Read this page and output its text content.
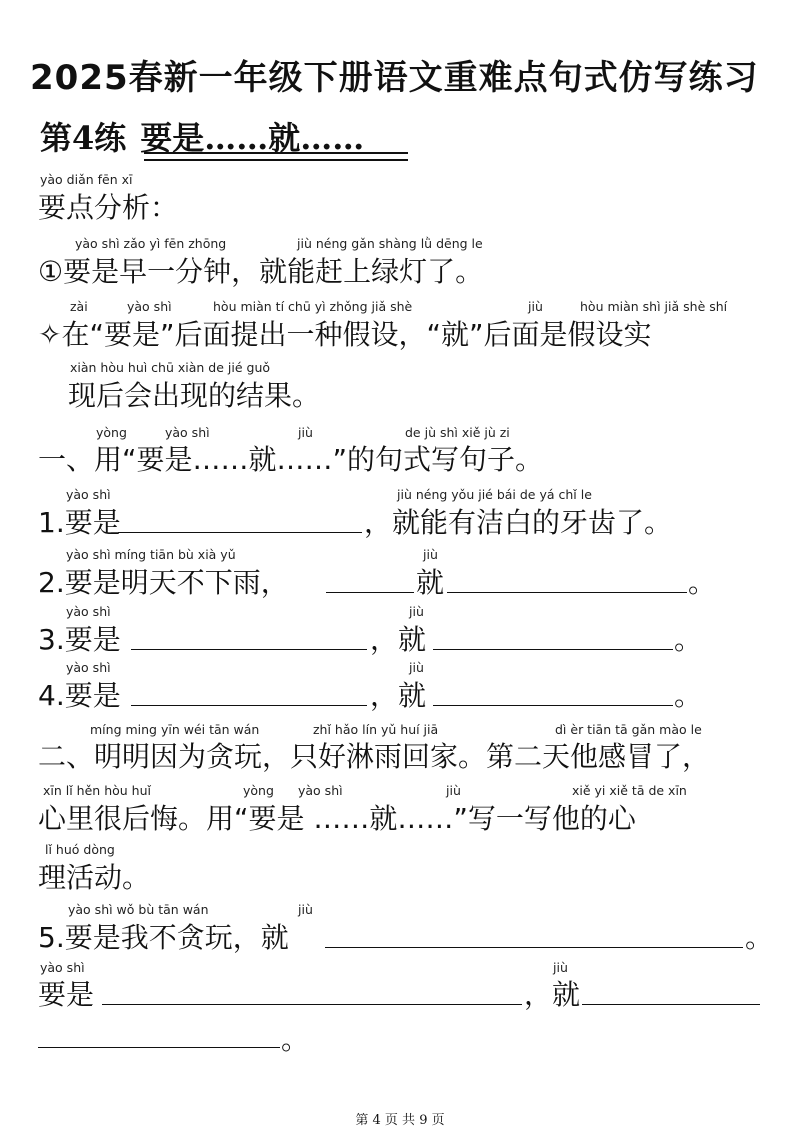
2025春新一年级下册语文重难点句式仿写练习
第4练 要是……就……
yào diǎn fēn xī
要点分析：
yào shì zǎo yì fēn zhōng	jiù néng gǎn shàng lǜ dēng le
①要是早一分钟，就能赶上绿灯了。
zài	yào shì	hòu miàn tí chū yì zhǒng jiǎ shè	jiù	hòu miàn shì jiǎ shè shí
✧在“要是”后面提出一种假设，“就”后面是假设实
xiàn hòu huì chū xiàn de jié guǒ
现后会出现的结果。
yòng	yào shì	jiù	de jù shì xiě jù zi
一、用“要是……就……”的句式写句子。
yào shì	jiù néng yǒu jié bái de yá chǐ le
1.要是	，就能有洁白的牙齿了。
yào shì míng tiān bù xià yǔ	jiù
2.要是明天不下雨，	就	。
yào shì	jiù
3.要是	，就	。
yào shì	jiù
4.要是	，就	。
míng ming yīn wéi tān wán	zhǐ hǎo lín yǔ huí jiā	dì èr tiān tā gǎn mào le
二、明明因为贪玩，只好淋雨回家。第二天他感冒了，
xīn lǐ hěn hòu huǐ	yòng yào shì	jiù	xiě yi xiě tā de xīn
心里很后悔。用“要是 ……就……”写一写他的心
lǐ huó dòng
理活动。
yào shì wǒ bù tān wán	jiù
5.要是我不贪玩，就	。
yào shì	jiù
要是	，就
。
第 4 页 共 9 页
